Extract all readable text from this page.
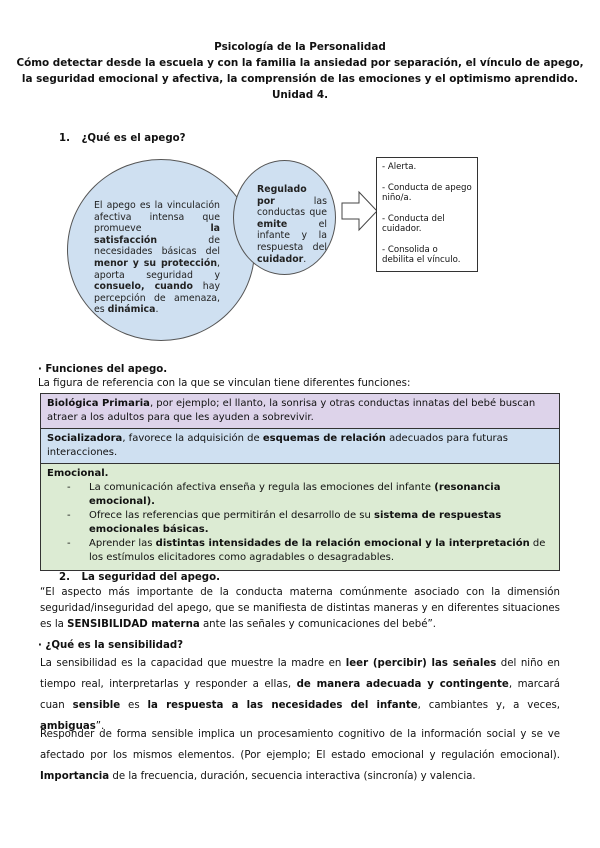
Psicología de la Personalidad
Cómo detectar desde la escuela y con la familia la ansiedad por separación, el vínculo de apego,
la seguridad emocional y afectiva, la comprensión de las emociones y el optimismo aprendido.
Unidad 4.
1. ¿Qué es el apego?
El apego es la vinculación afectiva intensa que promueve la satisfacción de necesidades básicas del menor y su protección, aporta seguridad y consuelo, cuando hay percepción de amenaza, es dinámica.
Regulado por las conductas que emite el infante y la respuesta del cuidador.

- Alerta.

- Conducta de apego niño/a.

- Conducta del cuidador.

- Consolida o debilita el vínculo.

· Funciones del apego.
La figura de referencia con la que se vinculan tiene diferentes funciones:
Biológica Primaria, por ejemplo; el llanto, la sonrisa y otras conductas innatas del bebé buscan atraer a los adultos para que les ayuden a sobrevivir.
Socializadora, favorece la adquisición de esquemas de relación adecuados para futuras interacciones.
Emocional.
- La comunicación afectiva enseña y regula las emociones del infante (resonancia emocional).
- Ofrece las referencias que permitirán el desarrollo de su sistema de respuestas emocionales básicas.
- Aprender las distintas intensidades de la relación emocional y la interpretación de los estímulos elicitadores como agradables o desagradables.
2. La seguridad del apego.
“El aspecto más importante de la conducta materna comúnmente asociado con la dimensión seguridad/inseguridad del apego, que se manifiesta de distintas maneras y en diferentes situaciones es la SENSIBILIDAD materna ante las señales y comunicaciones del bebé”.
· ¿Qué es la sensibilidad?
La sensibilidad es la capacidad que muestre la madre en leer (percibir) las señales del niño en tiempo real, interpretarlas y responder a ellas, de manera adecuada y contingente, marcará cuan sensible es la respuesta a las necesidades del infante, cambiantes y, a veces, ambiguas”.
Responder de forma sensible implica un procesamiento cognitivo de la información social y se ve afectado por los mismos elementos. (Por ejemplo; El estado emocional y regulación emocional). Importancia de la frecuencia, duración, secuencia interactiva (sincronía) y valencia.
